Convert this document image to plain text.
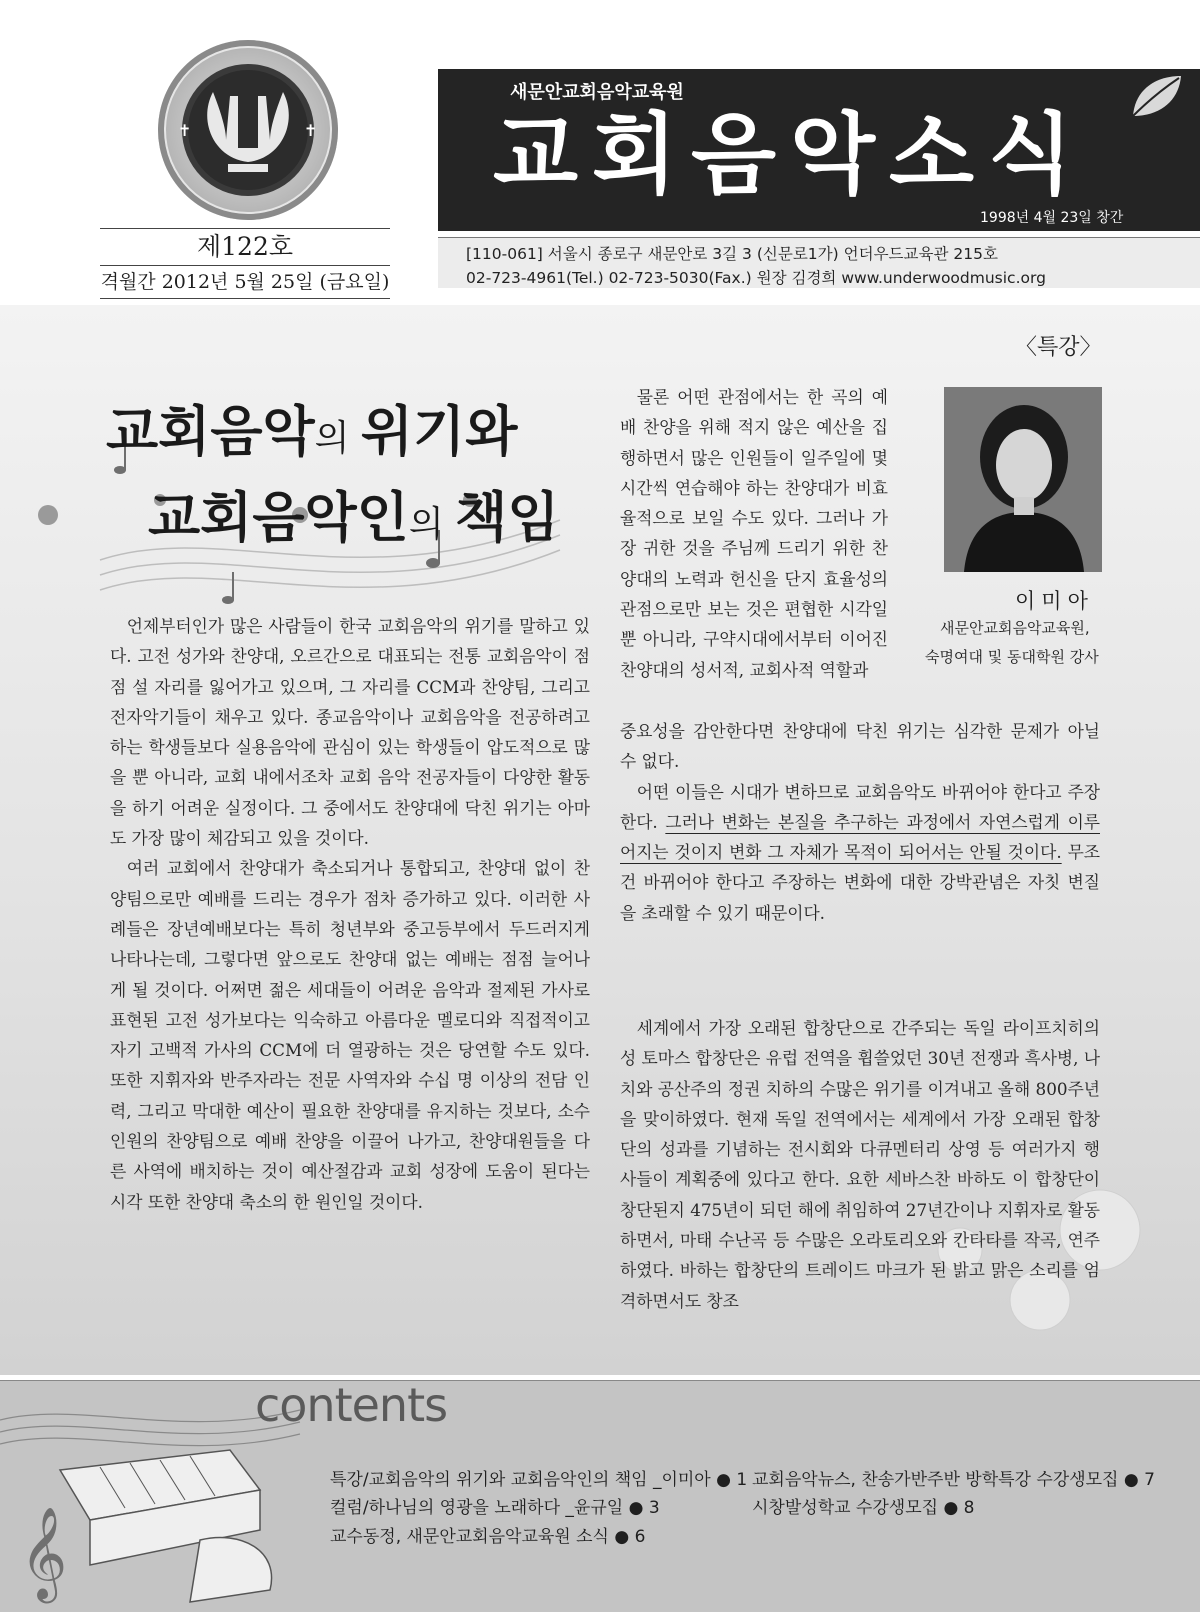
✝	✝
제122호
격월간 2012년 5월 25일 (금요일)
새문안교회음악교육원
교회음악소식
1998년 4월 23일 창간
[110-061] 서울시 종로구 새문안로 3길 3 (신문로1가) 언더우드교육관 215호
02-723-4961(Tel.) 02-723-5030(Fax.) 원장 김경희 www.underwoodmusic.org
〈특강〉
교회음악의 위기와
교회음악인의 책임
이미아
새문안교회음악교육원,
숙명여대 및 동대학원 강사

언제부터인가 많은 사람들이 한국 교회음악의 위기를 말하고 있다. 고전 성가와 찬양대, 오르간으로 대표되는 전통 교회음악이 점점 설 자리를 잃어가고 있으며, 그 자리를 CCM과 찬양팀, 그리고 전자악기들이 채우고 있다. 종교음악이나 교회음악을 전공하려고 하는 학생들보다 실용음악에 관심이 있는 학생들이 압도적으로 많을 뿐 아니라, 교회 내에서조차 교회 음악 전공자들이 다양한 활동을 하기 어려운 실정이다. 그 중에서도 찬양대에 닥친 위기는 아마도 가장 많이 체감되고 있을 것이다.

여러 교회에서 찬양대가 축소되거나 통합되고, 찬양대 없이 찬양팀으로만 예배를 드리는 경우가 점차 증가하고 있다. 이러한 사례들은 장년예배보다는 특히 청년부와 중고등부에서 두드러지게 나타나는데, 그렇다면 앞으로도 찬양대 없는 예배는 점점 늘어나게 될 것이다. 어쩌면 젊은 세대들이 어려운 음악과 절제된 가사로 표현된 고전 성가보다는 익숙하고 아름다운 멜로디와 직접적이고 자기 고백적 가사의 CCM에 더 열광하는 것은 당연할 수도 있다. 또한 지휘자와 반주자라는 전문 사역자와 수십 명 이상의 전담 인력, 그리고 막대한 예산이 필요한 찬양대를 유지하는 것보다, 소수 인원의 찬양팀으로 예배 찬양을 이끌어 나가고, 찬양대원들을 다른 사역에 배치하는 것이 예산절감과 교회 성장에 도움이 된다는 시각 또한 찬양대 축소의 한 원인일 것이다.

물론 어떤 관점에서는 한 곡의 예배 찬양을 위해 적지 않은 예산을 집행하면서 많은 인원들이 일주일에 몇 시간씩 연습해야 하는 찬양대가 비효율적으로 보일 수도 있다. 그러나 가장 귀한 것을 주님께 드리기 위한 찬양대의 노력과 헌신을 단지 효율성의 관점으로만 보는 것은 편협한 시각일 뿐 아니라, 구약시대에서부터 이어진 찬양대의 성서적, 교회사적 역할과

중요성을 감안한다면 찬양대에 닥친 위기는 심각한 문제가 아닐 수 없다.

어떤 이들은 시대가 변하므로 교회음악도 바뀌어야 한다고 주장한다. 그러나 변화는 본질을 추구하는 과정에서 자연스럽게 이루어지는 것이지 변화 그 자체가 목적이 되어서는 안될 것이다. 무조건 바뀌어야 한다고 주장하는 변화에 대한 강박관념은 자칫 변질을 초래할 수 있기 때문이다.

세계에서 가장 오래된 합창단으로 간주되는 독일 라이프치히의 성 토마스 합창단은 유럽 전역을 휩쓸었던 30년 전쟁과 흑사병, 나치와 공산주의 정권 치하의 수많은 위기를 이겨내고 올해 800주년을 맞이하였다. 현재 독일 전역에서는 세계에서 가장 오래된 합창단의 성과를 기념하는 전시회와 다큐멘터리 상영 등 여러가지 행사들이 계획중에 있다고 한다. 요한 세바스찬 바하도 이 합창단이 창단된지 475년이 되던 해에 취임하여 27년간이나 지휘자로 활동하면서, 마태 수난곡 등 수많은 오라토리오와 칸타타를 작곡, 연주하였다. 바하는 합창단의 트레이드 마크가 된 밝고 맑은 소리를 엄격하면서도 창조

𝄞
contents
특강/교회음악의 위기와 교회음악인의 책임 _이미아 ● 1
컬럼/하나님의 영광을 노래하다 _윤규일 ● 3
교수동정, 새문안교회음악교육원 소식 ● 6
교회음악뉴스, 찬송가반주반 방학특강 수강생모집 ● 7
시창발성학교 수강생모집 ● 8
